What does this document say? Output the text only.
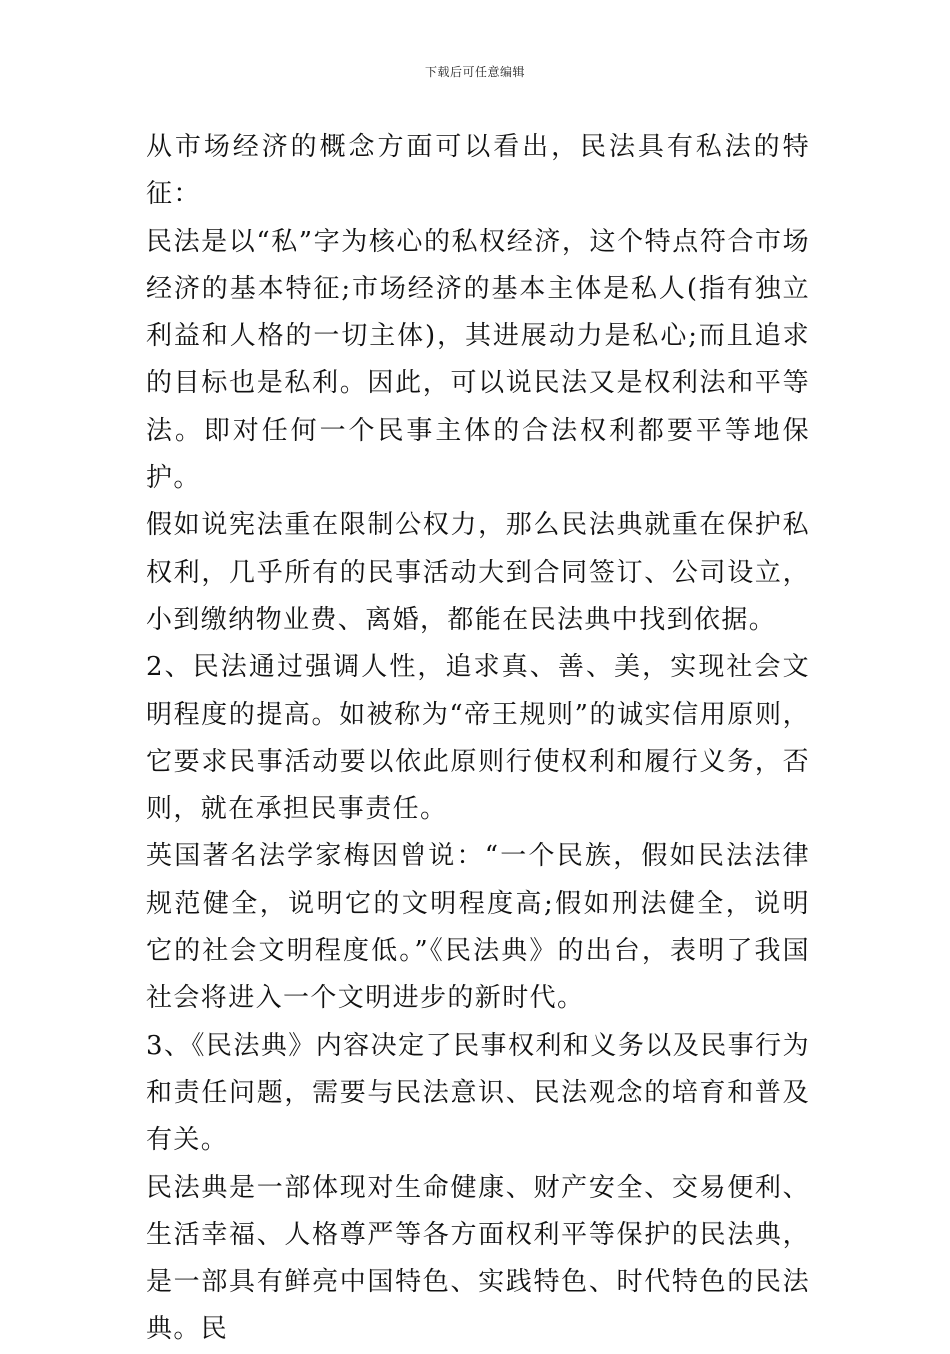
下载后可任意编辑

从市场经济的概念方面可以看出，民法具有私法的特征：

民法是以“私”字为核心的私权经济，这个特点符合市场经济的基本特征;市场经济的基本主体是私人(指有独立利益和人格的一切主体)，其进展动力是私心;而且追求的目标也是私利。因此，可以说民法又是权利法和平等法。即对任何一个民事主体的合法权利都要平等地保护。

假如说宪法重在限制公权力，那么民法典就重在保护私权利，几乎所有的民事活动大到合同签订、公司设立，小到缴纳物业费、离婚，都能在民法典中找到依据。

2、民法通过强调人性，追求真、善、美，实现社会文明程度的提高。如被称为“帝王规则”的诚实信用原则，它要求民事活动要以依此原则行使权利和履行义务，否则，就在承担民事责任。

英国著名法学家梅因曾说：“一个民族，假如民法法律规范健全，说明它的文明程度高;假如刑法健全，说明它的社会文明程度低。”《民法典》的出台，表明了我国社会将进入一个文明进步的新时代。

3、《民法典》内容决定了民事权利和义务以及民事行为和责任问题，需要与民法意识、民法观念的培育和普及有关。

民法典是一部体现对生命健康、财产安全、交易便利、生活幸福、人格尊严等各方面权利平等保护的民法典，是一部具有鲜亮中国特色、实践特色、时代特色的民法典。民
